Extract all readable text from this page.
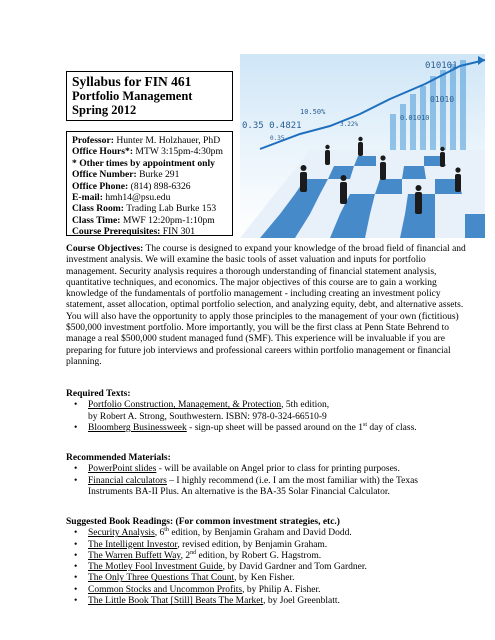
Syllabus for FIN 461
Portfolio Management
Spring 2012
Professor: Hunter M. Holzhauer, PhD
Office Hours*: MTW 3:15pm-4:30pm
* Other times by appointment only
Office Number: Burke 291
Office Phone: (814) 898-6326
E-mail: hmh14@psu.edu
Class Room: Trading Lab Burke 153
Class Time: MWF 12:20pm-1:10pm
Course Prerequisites: FIN 301
0.35 0.4821
0.35
10.50%
3.22%
010101
01010
0.01010
Course Objectives: The course is designed to expand your knowledge of the broad field of financial and investment analysis. We will examine the basic tools of asset valuation and inputs for portfolio management. Security analysis requires a thorough understanding of financial statement analysis, quantitative techniques, and economics. The major objectives of this course are to gain a working knowledge of the fundamentals of portfolio management - including creating an investment policy statement, asset allocation, optimal portfolio selection, and analyzing equity, debt, and alternative assets. You will also have the opportunity to apply those principles to the management of your own (fictitious) $500,000 investment portfolio. More importantly, you will be the first class at Penn State Behrend to manage a real $500,000 student managed fund (SMF). This experience will be invaluable if you are preparing for future job interviews and professional careers within portfolio management or financial planning.
Required Texts:
• Portfolio Construction, Management, & Protection, 5th edition,
by Robert A. Strong, Southwestern. ISBN: 978-0-324-66510-9
• Bloomberg Businessweek - sign-up sheet will be passed around on the 1st day of class.
Recommended Materials:
• PowerPoint slides - will be available on Angel prior to class for printing purposes.
• Financial calculators – I highly recommend (i.e. I am the most familiar with) the Texas
Instruments BA-II Plus. An alternative is the BA-35 Solar Financial Calculator.
Suggested Book Readings: (For common investment strategies, etc.)
• Security Analysis, 6th edition, by Benjamin Graham and David Dodd.
• The Intelligent Investor, revised edition, by Benjamin Graham.
• The Warren Buffett Way, 2nd edition, by Robert G. Hagstrom.
• The Motley Fool Investment Guide, by David Gardner and Tom Gardner.
• The Only Three Questions That Count, by Ken Fisher.
• Common Stocks and Uncommon Profits, by Philip A. Fisher.
• The Little Book That [Still] Beats The Market, by Joel Greenblatt.
